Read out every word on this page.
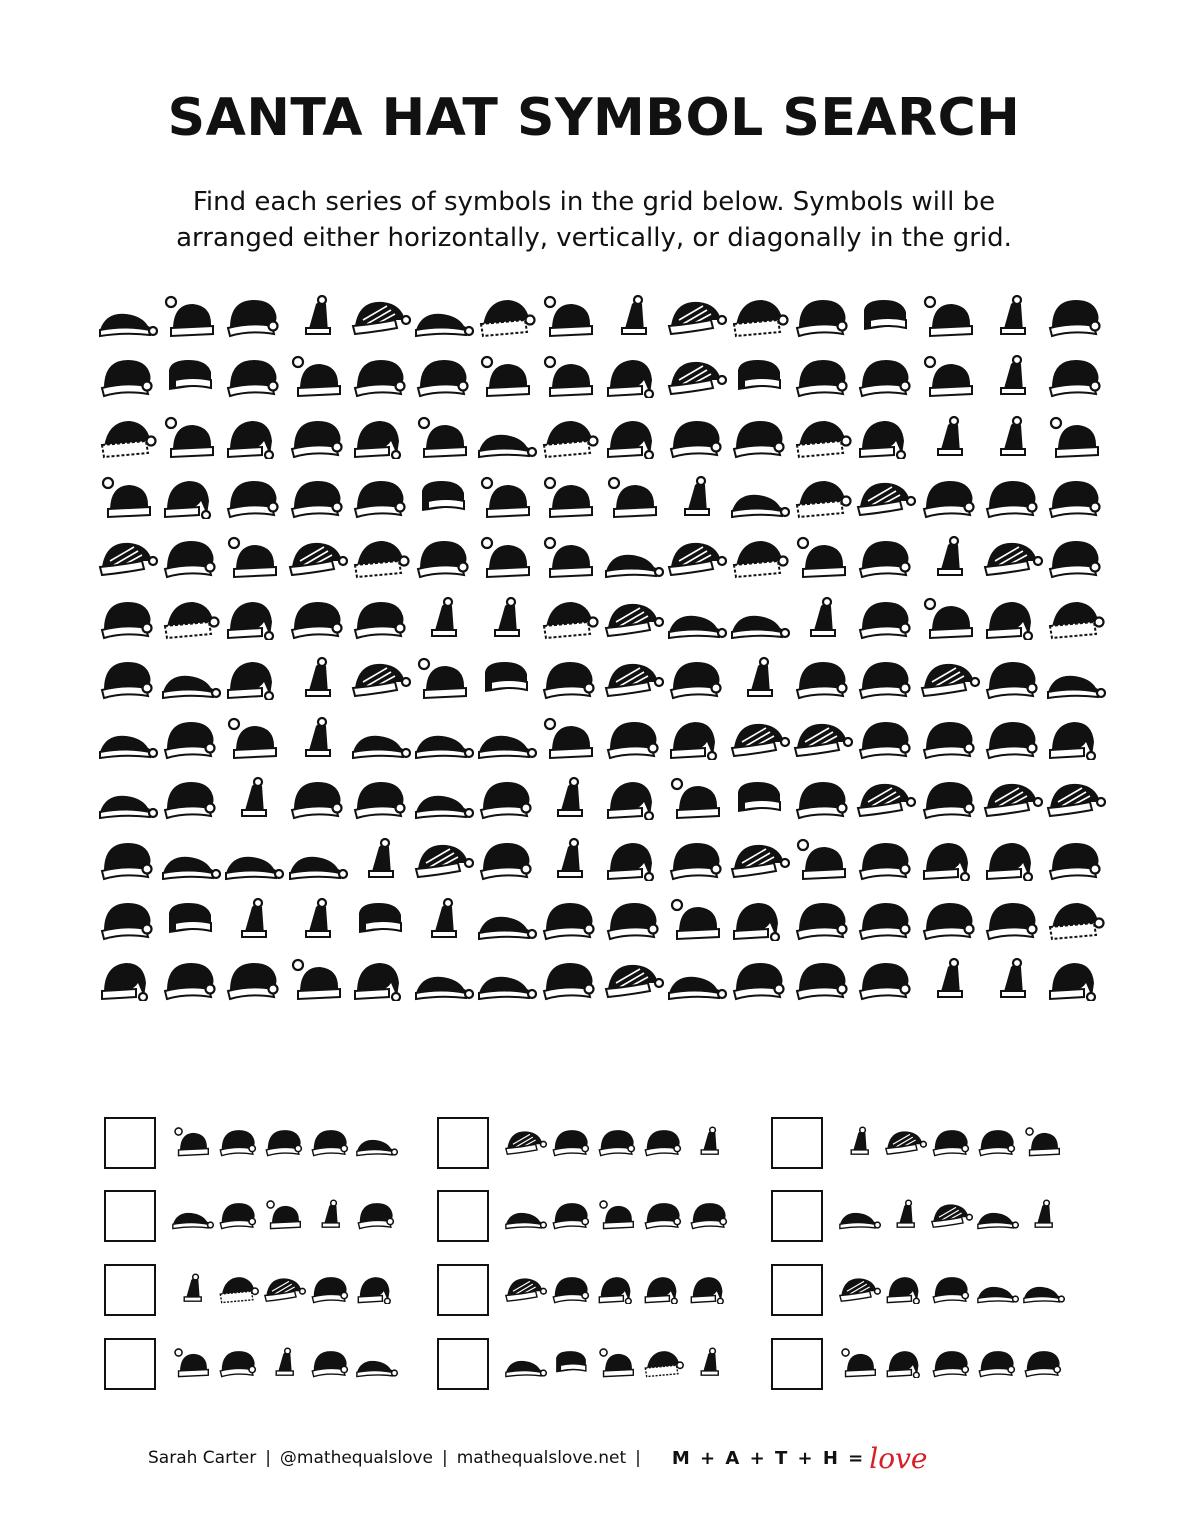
SANTA HAT SYMBOL SEARCH
Find each series of symbols in the grid below. Symbols will be
arranged either horizontally, vertically, or diagonally in the grid.
Sarah Carter | @mathequalslove | mathequalslove.net | M + A + T + H = love
